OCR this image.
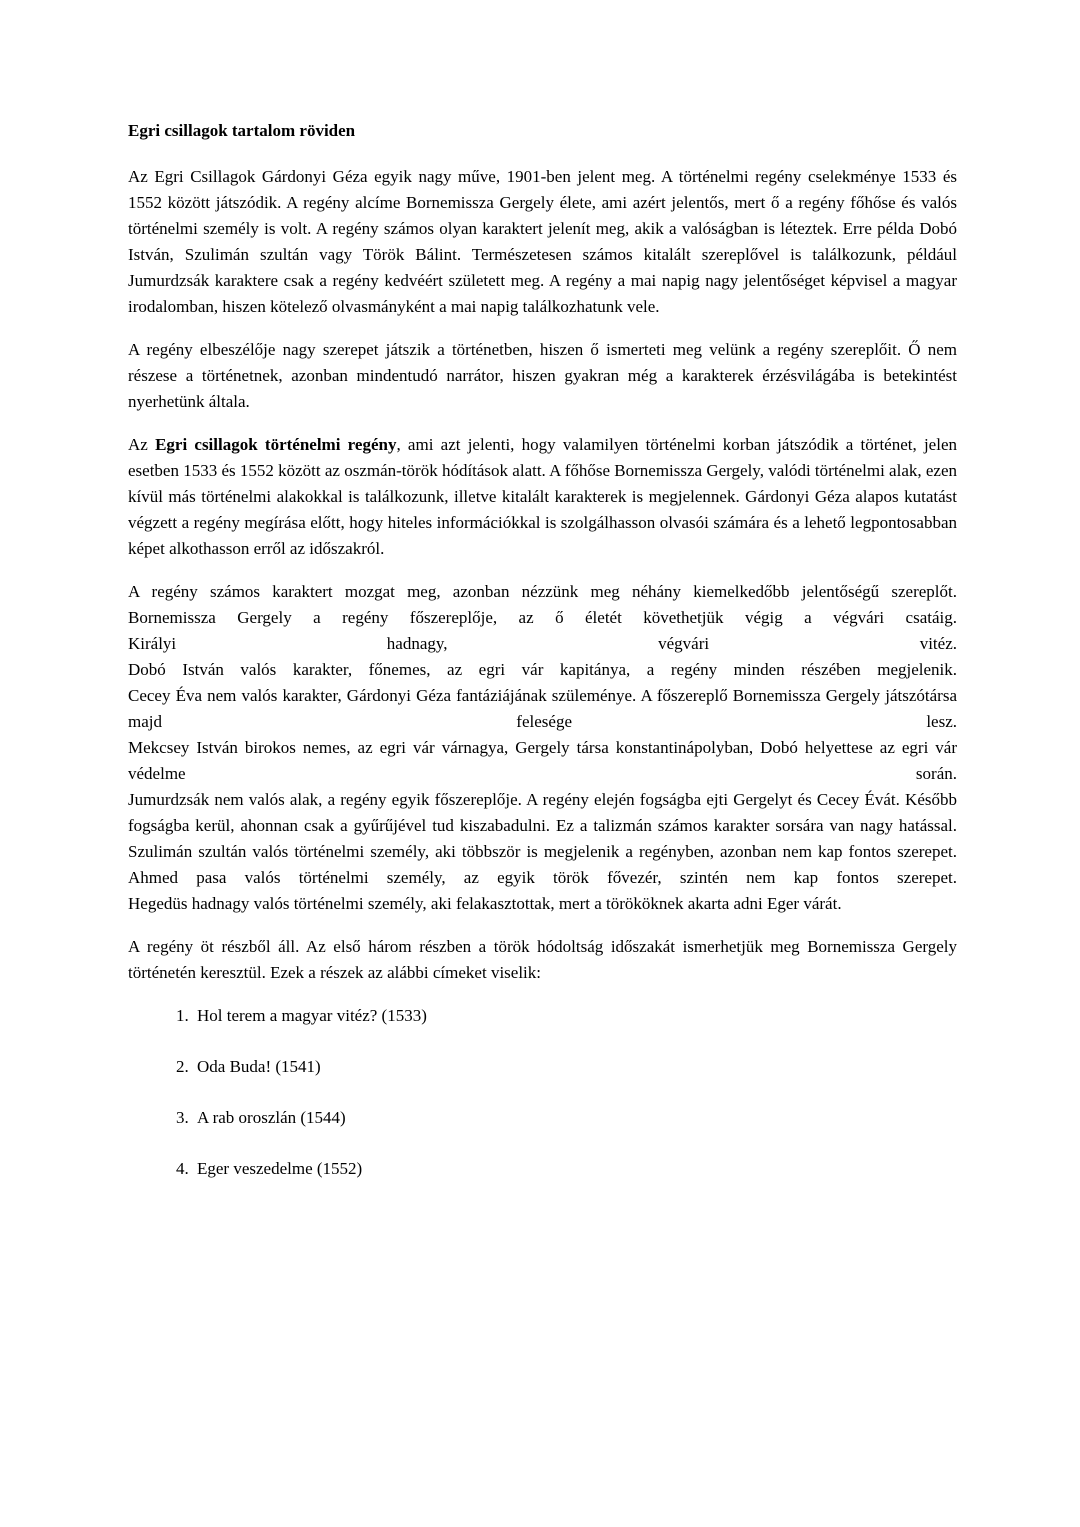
Egri csillagok tartalom röviden

Az Egri Csillagok Gárdonyi Géza egyik nagy műve, 1901-ben jelent meg. A történelmi regény cselekménye 1533 és 1552 között játszódik. A regény alcíme Bornemissza Gergely élete, ami azért jelentős, mert ő a regény főhőse és valós történelmi személy is volt. A regény számos olyan karaktert jelenít meg, akik a valóságban is léteztek. Erre példa Dobó István, Szulimán szultán vagy Török Bálint. Természetesen számos kitalált szereplővel is találkozunk, például Jumurdzsák karaktere csak a regény kedvéért született meg. A regény a mai napig nagy jelentőséget képvisel a magyar irodalomban, hiszen kötelező olvasmányként a mai napig találkozhatunk vele.

A regény elbeszélője nagy szerepet játszik a történetben, hiszen ő ismerteti meg velünk a regény szereplőit. Ő nem részese a történetnek, azonban mindentudó narrátor, hiszen gyakran még a karakterek érzésvilágába is betekintést nyerhetünk általa.

Az Egri csillagok történelmi regény, ami azt jelenti, hogy valamilyen történelmi korban játszódik a történet, jelen esetben 1533 és 1552 között az oszmán-török hódítások alatt. A főhőse Bornemissza Gergely, valódi történelmi alak, ezen kívül más történelmi alakokkal is találkozunk, illetve kitalált karakterek is megjelennek. Gárdonyi Géza alapos kutatást végzett a regény megírása előtt, hogy hiteles információkkal is szolgálhasson olvasói számára és a lehető legpontosabban képet alkothasson erről az időszakról.

A regény számos karaktert mozgat meg, azonban nézzünk meg néhány kiemelkedőbb jelentőségű szereplőt.
Bornemissza Gergely a regény főszereplője, az ő életét követhetjük végig a végvári csatáig.
Királyi hadnagy, végvári vitéz.
Dobó István valós karakter, főnemes, az egri vár kapitánya, a regény minden részében megjelenik.
Cecey Éva nem valós karakter, Gárdonyi Géza fantáziájának szüleménye. A főszereplő Bornemissza Gergely játszótársa majd felesége lesz.
Mekcsey István birokos nemes, az egri vár várnagya, Gergely társa konstantinápolyban, Dobó helyettese az egri vár védelme során.
Jumurdzsák nem valós alak, a regény egyik főszereplője. A regény elején fogságba ejti Gergelyt és Cecey Évát. Később fogságba kerül, ahonnan csak a gyűrűjével tud kiszabadulni. Ez a talizmán számos karakter sorsára van nagy hatással.
Szulimán szultán valós történelmi személy, aki többször is megjelenik a regényben, azonban nem kap fontos szerepet.
Ahmed pasa valós történelmi személy, az egyik török fővezér, szintén nem kap fontos szerepet.
Hegedüs hadnagy valós történelmi személy, aki felakasztottak, mert a törököknek akarta adni Eger várát.

A regény öt részből áll. Az első három részben a török hódoltság időszakát ismerhetjük meg Bornemissza Gergely történetén keresztül. Ezek a részek az alábbi címeket viselik:

1. Hol terem a magyar vitéz? (1533)
2. Oda Buda! (1541)
3. A rab oroszlán (1544)
4. Eger veszedelme (1552)
